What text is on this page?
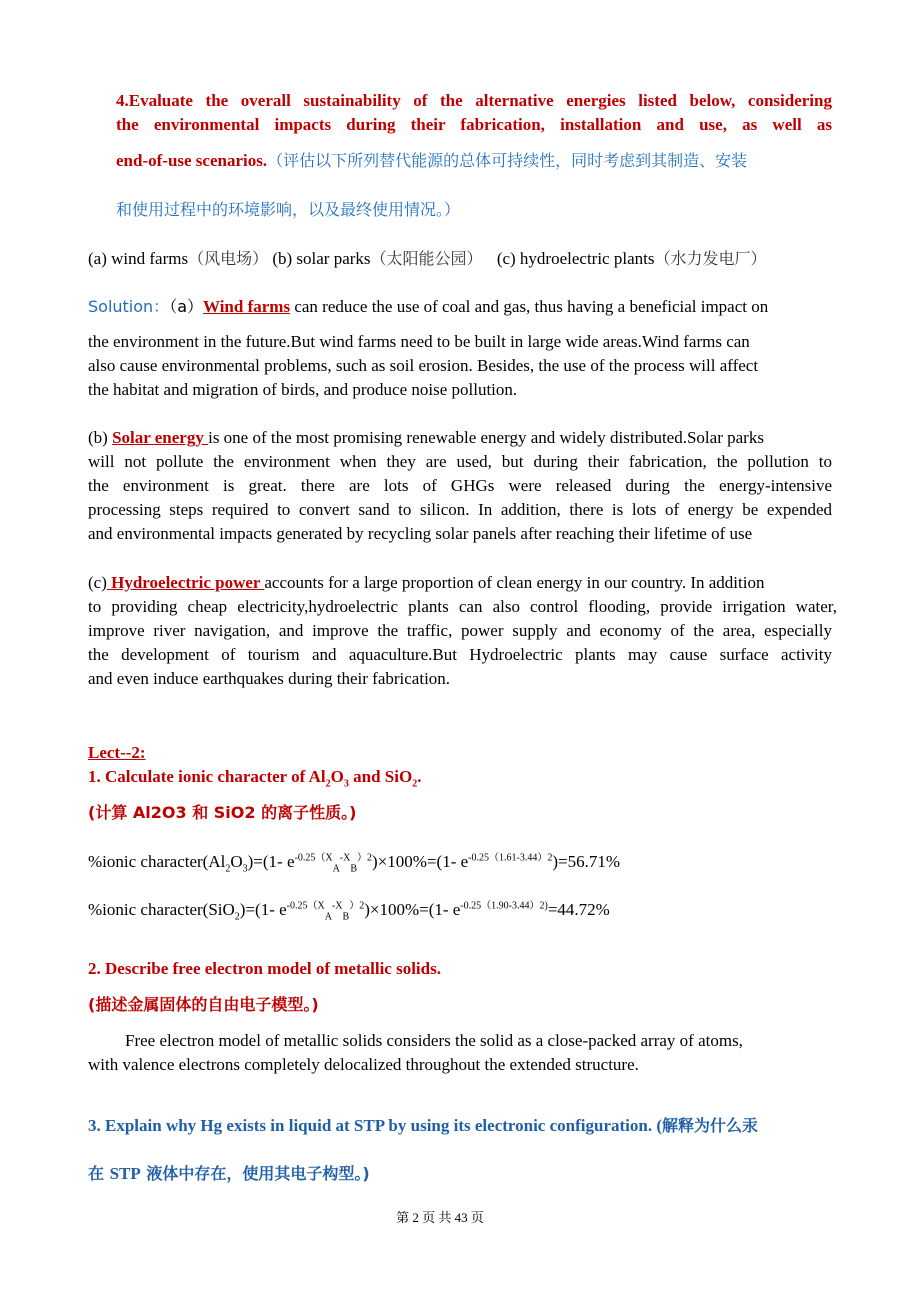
4.Evaluate the overall sustainability of the alternative energies listed below, considering
the environmental impacts during their fabrication, installation and use, as well as
end-of-use scenarios.（评估以下所列替代能源的总体可持续性，同时考虑到其制造、安装
和使用过程中的环境影响，以及最终使用情况。）
(a) wind farms（风电场） (b) solar parks（太阳能公园） (c) hydroelectric plants（水力发电厂）
Solution：（a）Wind farms can reduce the use of coal and gas, thus having a beneficial impact on
the environment in the future.But wind farms need to be built in large wide areas.Wind farms can
also cause environmental problems, such as soil erosion. Besides, the use of the process will affect
the habitat and migration of birds, and produce noise pollution.
(b) Solar energy is one of the most promising renewable energy and widely distributed.Solar parks
will not pollute the environment when they are used, but during their fabrication, the pollution to
the environment is great. there are lots of GHGs were released during the energy-intensive
processing steps required to convert sand to silicon. In addition, there is lots of energy be expended
and environmental impacts generated by recycling solar panels after reaching their lifetime of use
(c) Hydroelectric power accounts for a large proportion of clean energy in our country. In addition
to providing cheap electricity,hydroelectric plants can also control flooding, provide irrigation water,
improve river navigation, and improve the traffic, power supply and economy of the area, especially
the development of tourism and aquaculture.But Hydroelectric plants may cause surface activity
and even induce earthquakes during their fabrication.
Lect--2:
1. Calculate ionic character of $Al_2O_3$ and SiO$_2$.
(计算 Al2O3 和 SiO2 的离子性质。)
%ionic $character(Al_2O_3)=(1-$ $e^{-0.25(X}_A^{-X}_B^{)2})\times 100\%=(1-$ $e^{-0.25(1.61-3.44)2})=56.71\%$
%ionic character(SiO$_2$)=(1- $e^{-0.25(X}_A^{-X}_B^{)2})\times 100\%=(1-$ $e^{-0.25(1.90-3.44)2)}=44.72\%$
2. Describe free electron model of metallic solids.
(描述金属固体的自由电子模型。)
Free electron model of metallic solids considers the solid as a close-packed array of atoms,
with valence electrons completely delocalized throughout the extended structure.
3. Explain why Hg exists in liquid at STP by using its electronic configuration. (解释为什么汞
在 STP 液体中存在，使用其电子构型。)
第 2 页 共 43 页
